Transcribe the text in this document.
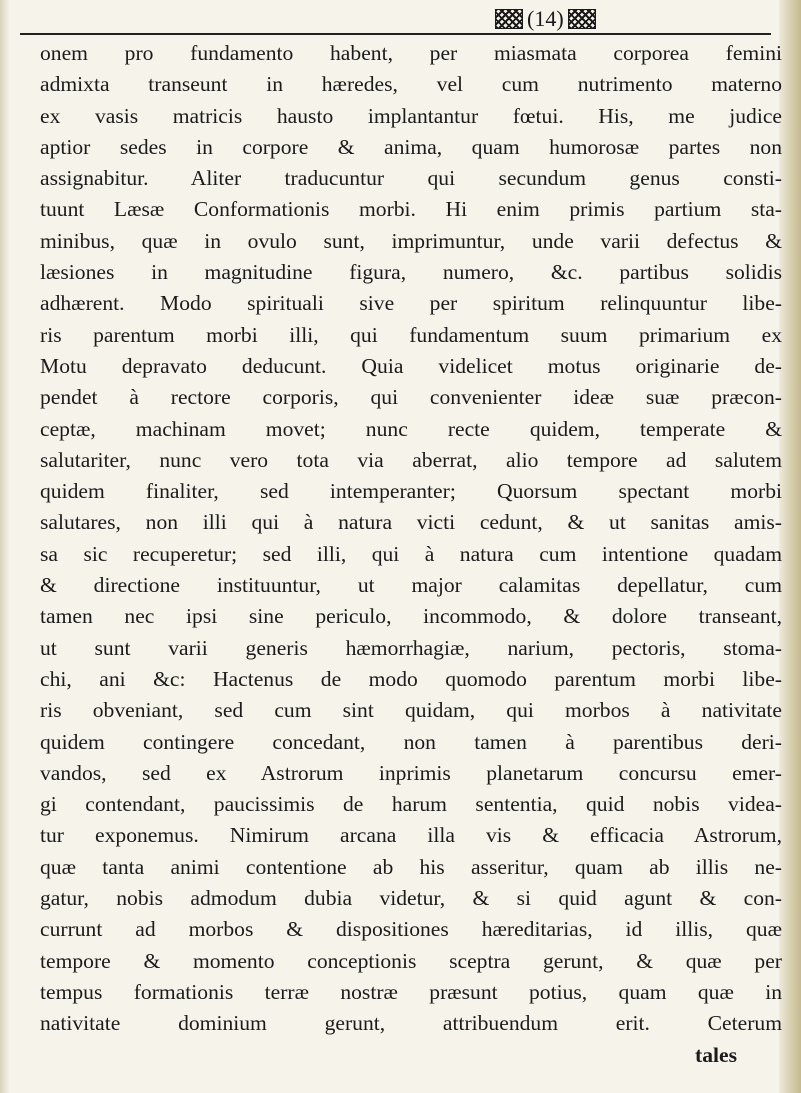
(14)
onem pro fundamento habent, per miasmata corporea femini
admixta transeunt in hæredes, vel cum nutrimento materno
ex vasis matricis hausto implantantur fœtui. His, me judice
aptior sedes in corpore & anima, quam humorosæ partes non
assignabitur. Aliter traducuntur qui secundum genus consti-
tuunt Læsæ Conformationis morbi. Hi enim primis partium sta-
minibus, quæ in ovulo sunt, imprimuntur, unde varii defectus &
læsiones in magnitudine figura, numero, &c. partibus solidis
adhærent. Modo spirituali sive per spiritum relinquuntur libe-
ris parentum morbi illi, qui fundamentum suum primarium ex
Motu depravato deducunt. Quia videlicet motus originarie de-
pendet à rectore corporis, qui convenienter ideæ suæ præcon-
ceptæ, machinam movet; nunc recte quidem, temperate &
salutariter, nunc vero tota via aberrat, alio tempore ad salutem
quidem finaliter, sed intemperanter; Quorsum spectant morbi
salutares, non illi qui à natura victi cedunt, & ut sanitas amis-
sa sic recuperetur; sed illi, qui à natura cum intentione quadam
& directione instituuntur, ut major calamitas depellatur, cum
tamen nec ipsi sine periculo, incommodo, & dolore transeant,
ut sunt varii generis hæmorrhagiæ, narium, pectoris, stoma-
chi, ani &c: Hactenus de modo quomodo parentum morbi libe-
ris obveniant, sed cum sint quidam, qui morbos à nativitate
quidem contingere concedant, non tamen à parentibus deri-
vandos, sed ex Astrorum inprimis planetarum concursu emer-
gi contendant, paucissimis de harum sententia, quid nobis videa-
tur exponemus. Nimirum arcana illa vis & efficacia Astrorum,
quæ tanta animi contentione ab his asseritur, quam ab illis ne-
gatur, nobis admodum dubia videtur, & si quid agunt & con-
currunt ad morbos & dispositiones hæreditarias, id illis, quæ
tempore & momento conceptionis sceptra gerunt, & quæ per
tempus formationis terræ nostræ præsunt potius, quam quæ in
nativitate dominium gerunt, attribuendum erit. Ceterum
tales
